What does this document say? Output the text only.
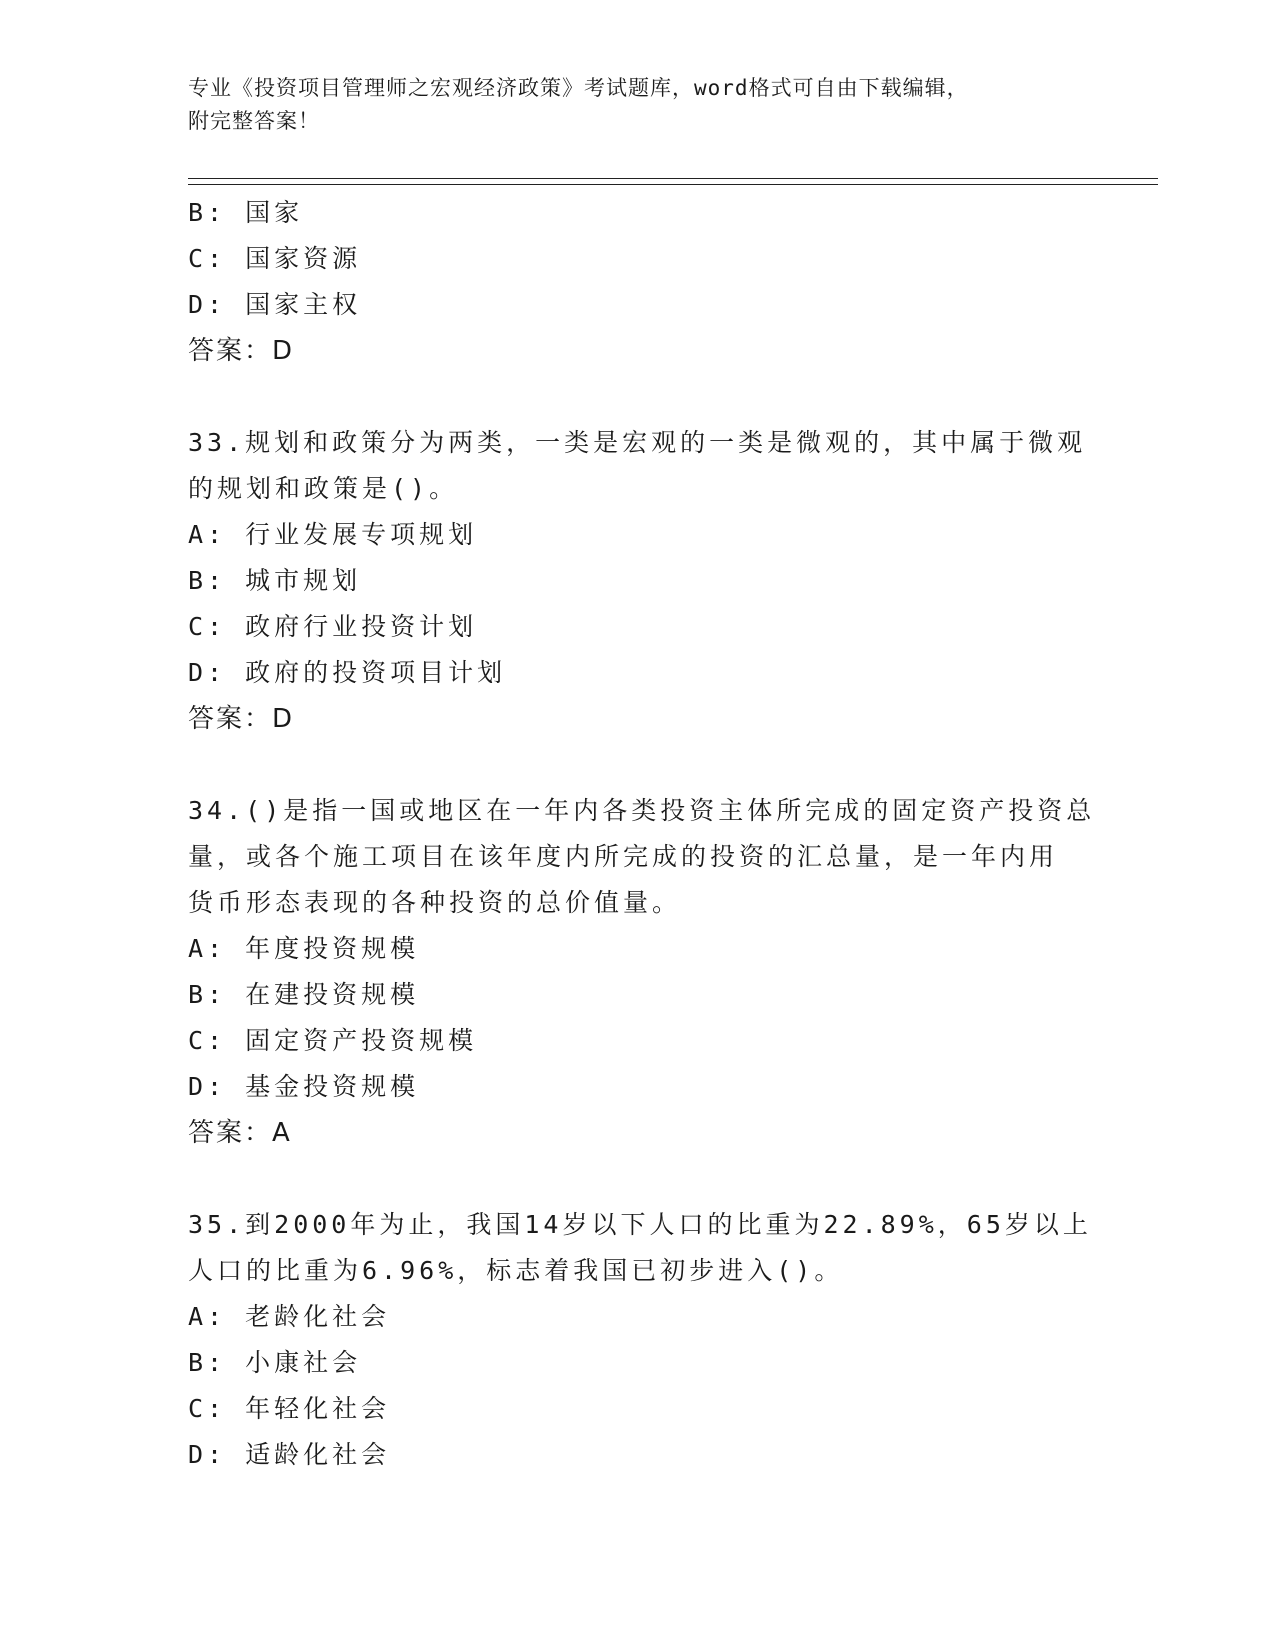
专业《投资项目管理师之宏观经济政策》考试题库，word格式可自由下载编辑，
附完整答案！
B: 国家
C: 国家资源
D: 国家主权
答案：D
33.规划和政策分为两类，一类是宏观的一类是微观的，其中属于微观
的规划和政策是()。
A: 行业发展专项规划
B: 城市规划
C: 政府行业投资计划
D: 政府的投资项目计划
答案：D
34.()是指一国或地区在一年内各类投资主体所完成的固定资产投资总
量，或各个施工项目在该年度内所完成的投资的汇总量，是一年内用
货币形态表现的各种投资的总价值量。
A: 年度投资规模
B: 在建投资规模
C: 固定资产投资规模
D: 基金投资规模
答案：A
35.到2000年为止，我国14岁以下人口的比重为22.89%，65岁以上
人口的比重为6.96%，标志着我国已初步进入()。
A: 老龄化社会
B: 小康社会
C: 年轻化社会
D: 适龄化社会
